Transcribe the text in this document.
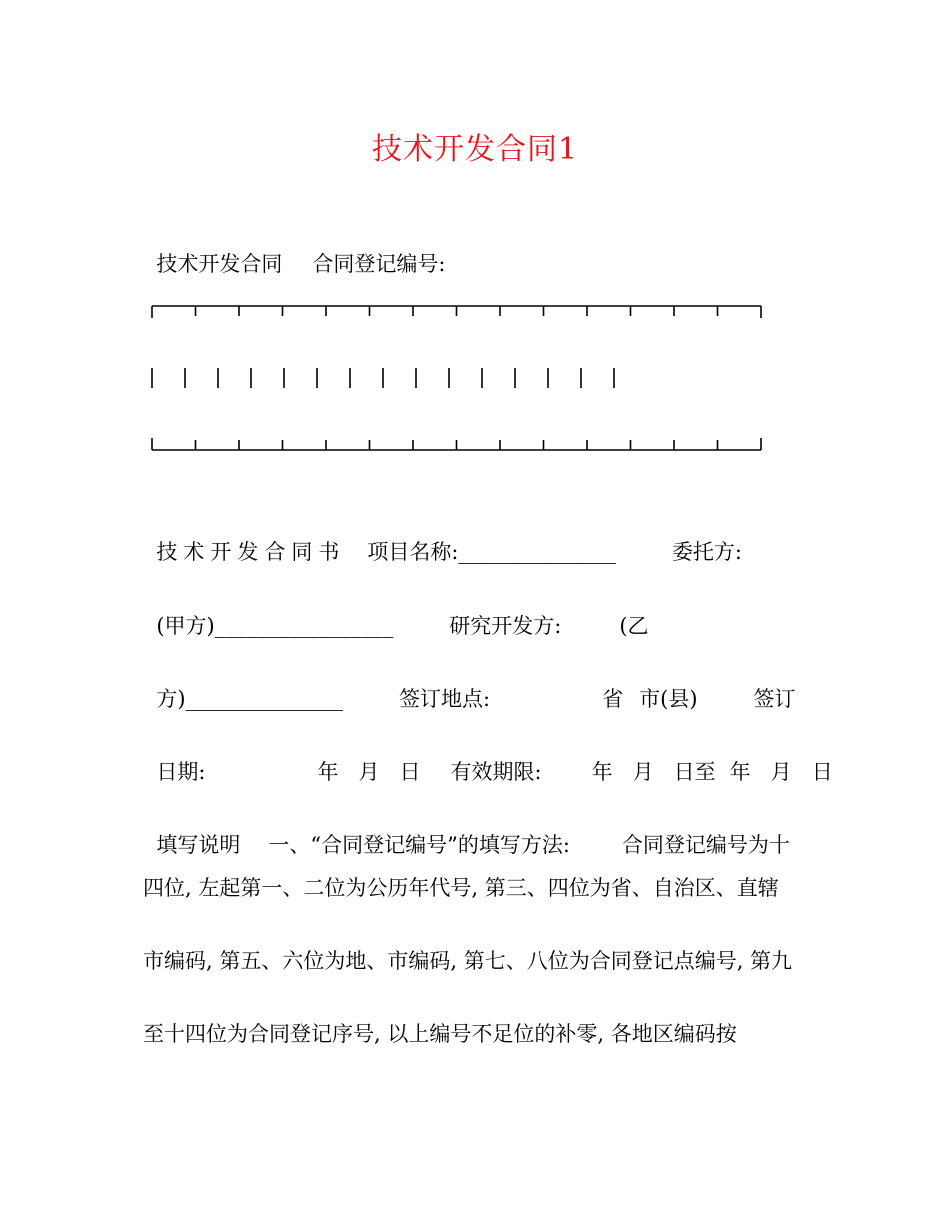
技术开发合同1

技术开发合同 合同登记编号:

技术开发合同书 项目名称:_______________	委托方:

(甲方)_________________	研究开发方:	(乙

方)_______________	签订地点:	省 市(县)	签订

日期:	年   月   日 有效期限: 年   月   日至 年   月   日

填写说明 一、“合同登记编号”的填写方法: 合同登记编号为十

四位, 左起第一、二位为公历年代号, 第三、四位为省、自治区、直辖
市编码, 第五、六位为地、市编码, 第七、八位为合同登记点编号, 第九
至十四位为合同登记序号, 以上编号不足位的补零, 各地区编码按
